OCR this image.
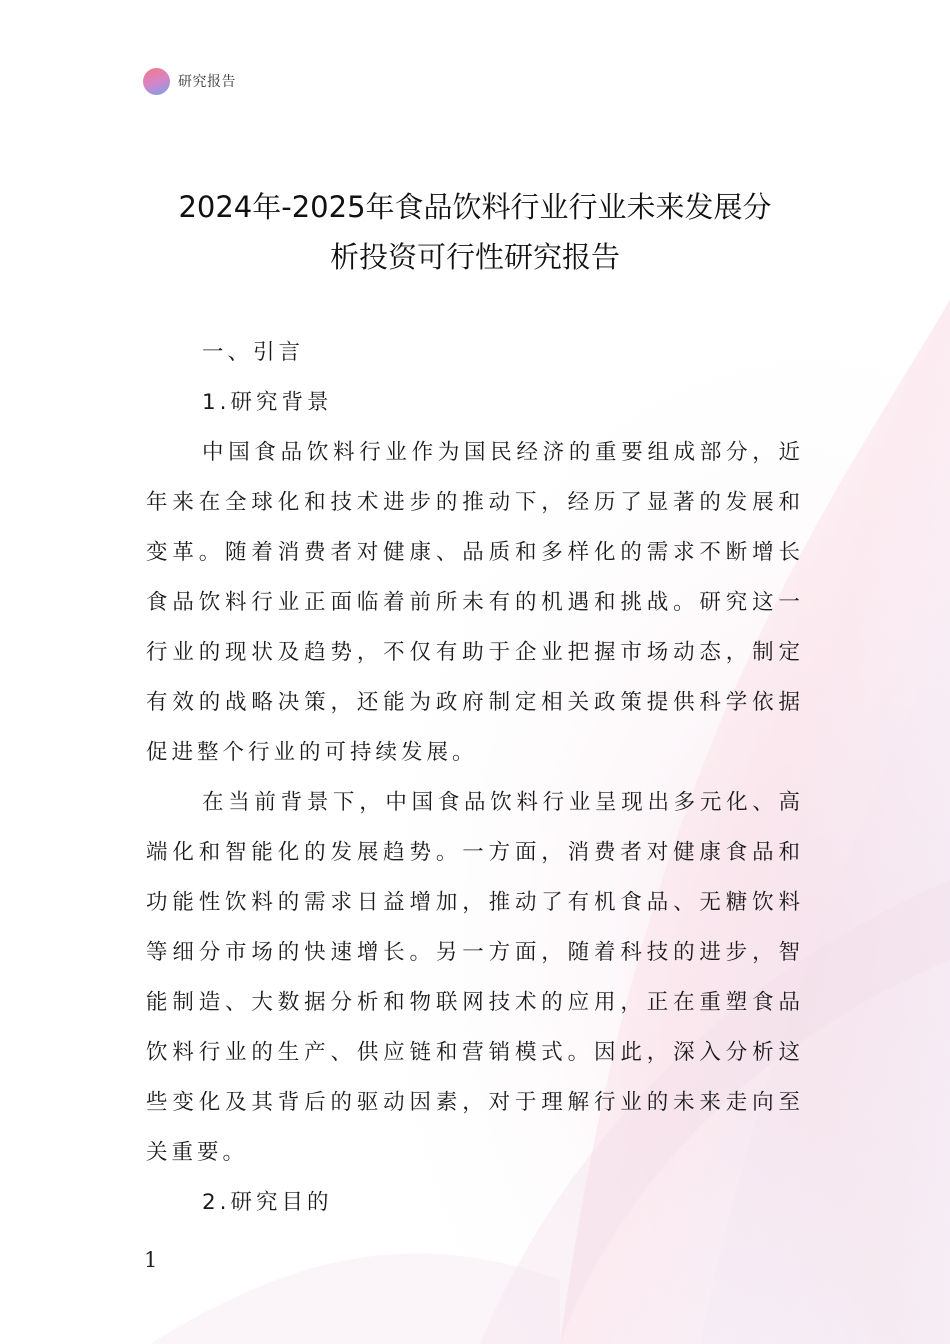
研究报告
2024年-2025年食品饮料行业行业未来发展分
析投资可行性研究报告

一、引言

1.研究背景

中国食品饮料行业作为国民经济的重要组成部分，近年来在全球化和技术进步的推动下，经历了显著的发展和变革。随着消费者对健康、品质和多样化的需求不断增长食品饮料行业正面临着前所未有的机遇和挑战。研究这一行业的现状及趋势，不仅有助于企业把握市场动态，制定有效的战略决策，还能为政府制定相关政策提供科学依据促进整个行业的可持续发展。

在当前背景下，中国食品饮料行业呈现出多元化、高端化和智能化的发展趋势。一方面，消费者对健康食品和功能性饮料的需求日益增加，推动了有机食品、无糖饮料等细分市场的快速增长。另一方面，随着科技的进步，智能制造、大数据分析和物联网技术的应用，正在重塑食品饮料行业的生产、供应链和营销模式。因此，深入分析这些变化及其背后的驱动因素，对于理解行业的未来走向至关重要。

2.研究目的

1
